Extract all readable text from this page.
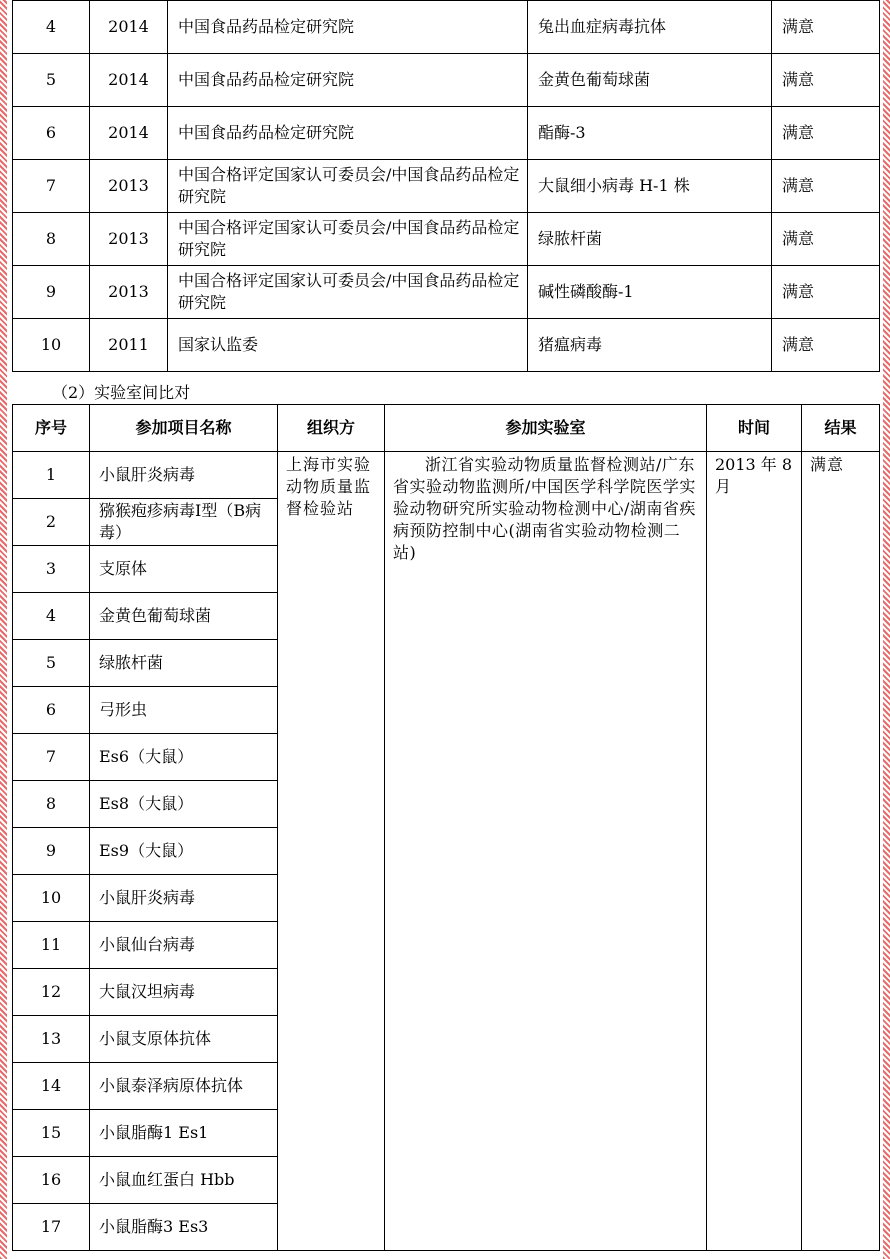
4	2014	中国食品药品检定研究院	兔出血症病毒抗体	满意
5	2014	中国食品药品检定研究院	金黄色葡萄球菌	满意
6	2014	中国食品药品检定研究院	酯酶-3	满意
7	2013	中国合格评定国家认可委员会/中国食品药品检定研究院	大鼠细小病毒 H-1 株	满意
8	2013	中国合格评定国家认可委员会/中国食品药品检定研究院	绿脓杆菌	满意
9	2013	中国合格评定国家认可委员会/中国食品药品检定研究院	碱性磷酸酶-1	满意
10	2011	国家认监委	猪瘟病毒	满意
（2）实验室间比对
序号	参加项目名称	组织方	参加实验室	时间	结果
1	小鼠肝炎病毒	上海市实验动物质量监督检验站	浙江省实验动物质量监督检测站/广东省实验动物监测所/中国医学科学院医学实验动物研究所实验动物检测中心/湖南省疾病预防控制中心(湖南省实验动物检测二站)	2013 年 8 月	满意
2	猕猴疱疹病毒Ⅰ型（B病毒）				
3	支原体				
4	金黄色葡萄球菌				
5	绿脓杆菌				
6	弓形虫				
7	Es6（大鼠）				
8	Es8（大鼠）				
9	Es9（大鼠）				
10	小鼠肝炎病毒				
11	小鼠仙台病毒				
12	大鼠汉坦病毒				
13	小鼠支原体抗体				
14	小鼠泰泽病原体抗体				
15	小鼠脂酶1 Es1				
16	小鼠血红蛋白 Hbb				
17	小鼠脂酶3 Es3				
